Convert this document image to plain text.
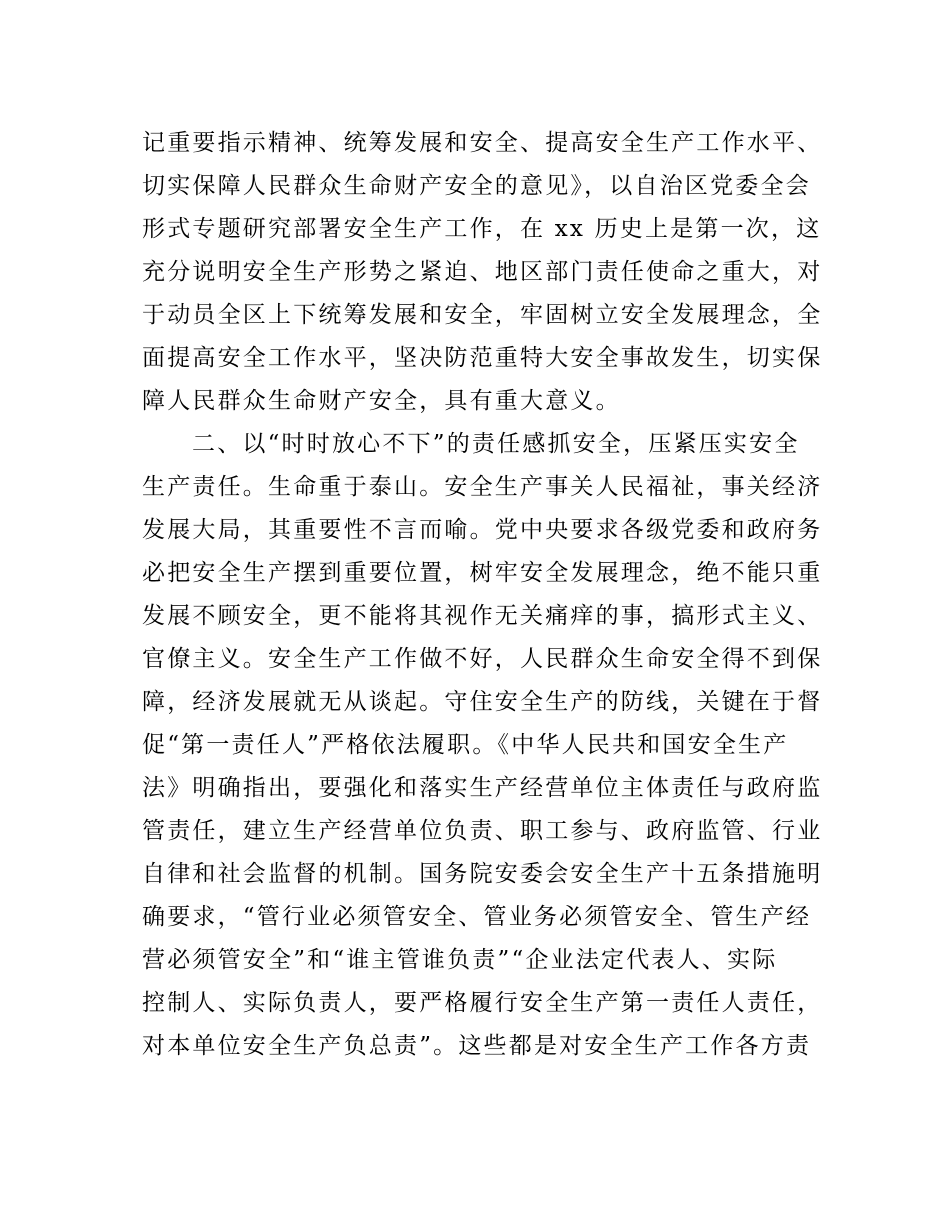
记重要指示精神、统筹发展和安全、提高安全生产工作水平、
切实保障人民群众生命财产安全的意见》，以自治区党委全会
形式专题研究部署安全生产工作，在 xx 历史上是第一次，这
充分说明安全生产形势之紧迫、地区部门责任使命之重大，对
于动员全区上下统筹发展和安全，牢固树立安全发展理念，全
面提高安全工作水平，坚决防范重特大安全事故发生，切实保
障人民群众生命财产安全，具有重大意义。
二、以“时时放心不下”的责任感抓安全，压紧压实安全
生产责任。生命重于泰山。安全生产事关人民福祉，事关经济
发展大局，其重要性不言而喻。党中央要求各级党委和政府务
必把安全生产摆到重要位置，树牢安全发展理念，绝不能只重
发展不顾安全，更不能将其视作无关痛痒的事，搞形式主义、
官僚主义。安全生产工作做不好，人民群众生命安全得不到保
障，经济发展就无从谈起。守住安全生产的防线，关键在于督
促“第一责任人”严格依法履职。《中华人民共和国安全生产
法》明确指出，要强化和落实生产经营单位主体责任与政府监
管责任，建立生产经营单位负责、职工参与、政府监管、行业
自律和社会监督的机制。国务院安委会安全生产十五条措施明
确要求，“管行业必须管安全、管业务必须管安全、管生产经
营必须管安全”和“谁主管谁负责”“企业法定代表人、实际
控制人、实际负责人，要严格履行安全生产第一责任人责任，
对本单位安全生产负总责”。这些都是对安全生产工作各方责
